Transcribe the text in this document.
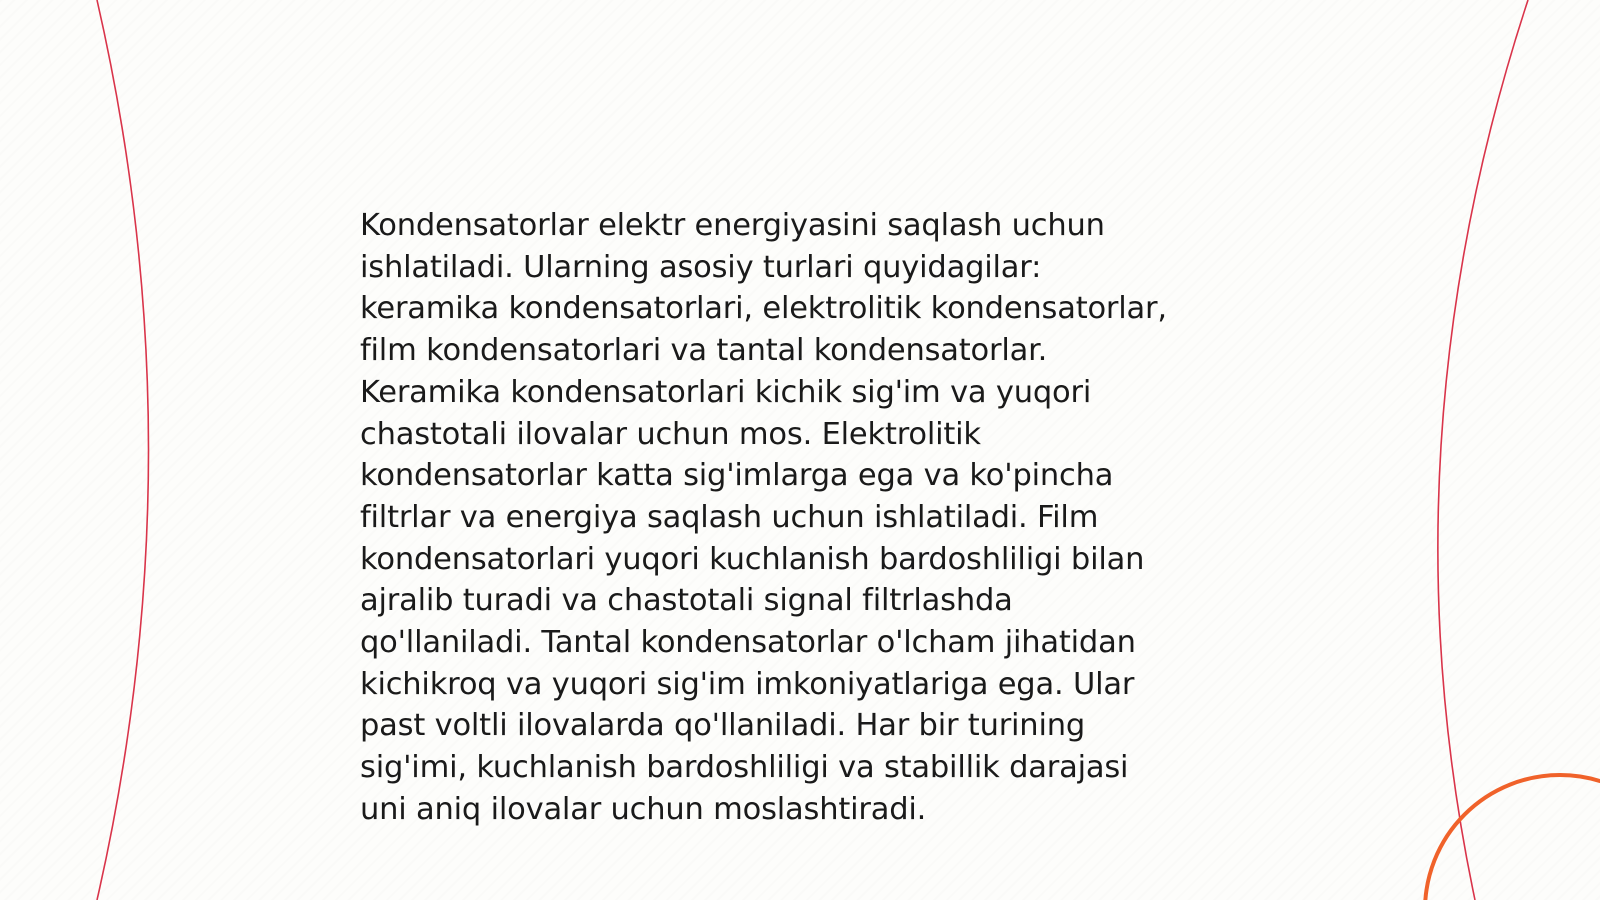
Kondensatorlar elektr energiyasini saqlash uchun
ishlatiladi. Ularning asosiy turlari quyidagilar:
keramika kondensatorlari, elektrolitik kondensatorlar,
film kondensatorlari va tantal kondensatorlar.
Keramika kondensatorlari kichik sig'im va yuqori
chastotali ilovalar uchun mos. Elektrolitik
kondensatorlar katta sig'imlarga ega va ko'pincha
filtrlar va energiya saqlash uchun ishlatiladi. Film
kondensatorlari yuqori kuchlanish bardoshliligi bilan
ajralib turadi va chastotali signal filtrlashda
qo'llaniladi. Tantal kondensatorlar o'lcham jihatidan
kichikroq va yuqori sig'im imkoniyatlariga ega. Ular
past voltli ilovalarda qo'llaniladi. Har bir turining
sig'imi, kuchlanish bardoshliligi va stabillik darajasi
uni aniq ilovalar uchun moslashtiradi.
